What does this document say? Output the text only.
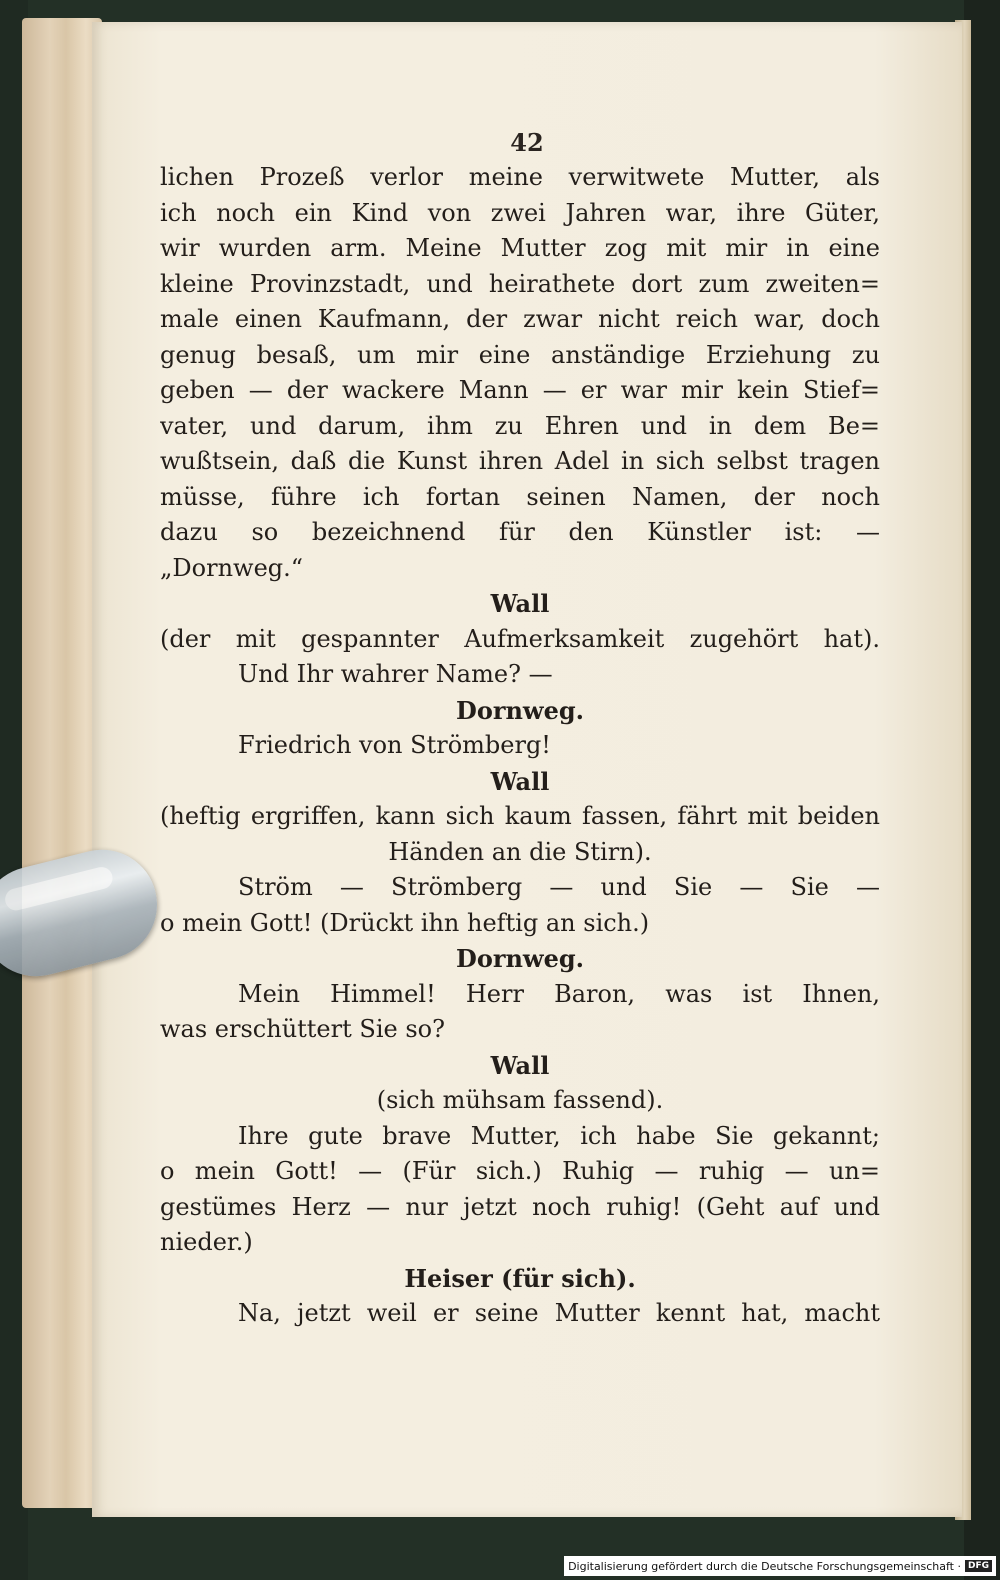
42
lichen Prozeß verlor meine verwitwete Mutter, als
ich noch ein Kind von zwei Jahren war, ihre Güter,
wir wurden arm. Meine Mutter zog mit mir in eine
kleine Provinzstadt, und heirathete dort zum zweiten=
male einen Kaufmann, der zwar nicht reich war, doch
genug besaß, um mir eine anständige Erziehung zu
geben — der wackere Mann — er war mir kein Stief=
vater, und darum, ihm zu Ehren und in dem Be=
wußtsein, daß die Kunst ihren Adel in sich selbst tragen
müsse, führe ich fortan seinen Namen, der noch
dazu so bezeichnend für den Künstler ist: —
„Dornweg.“
Wall
(der mit gespannter Aufmerksamkeit zugehört hat).
Und Ihr wahrer Name? —
Dornweg.
Friedrich von Strömberg!
Wall
(heftig ergriffen, kann sich kaum fassen, fährt mit beiden
Händen an die Stirn).
Ström — Strömberg — und Sie — Sie —
o mein Gott! (Drückt ihn heftig an sich.)
Dornweg.
Mein Himmel! Herr Baron, was ist Ihnen,
was erschüttert Sie so?
Wall
(sich mühsam fassend).
Ihre gute brave Mutter, ich habe Sie gekannt;
o mein Gott! — (Für sich.) Ruhig — ruhig — un=
gestümes Herz — nur jetzt noch ruhig! (Geht auf und
nieder.)
Heiser (für sich).
Na, jetzt weil er seine Mutter kennt hat, macht
Digitalisierung gefördert durch die Deutsche Forschungsgemeinschaft · DFG
